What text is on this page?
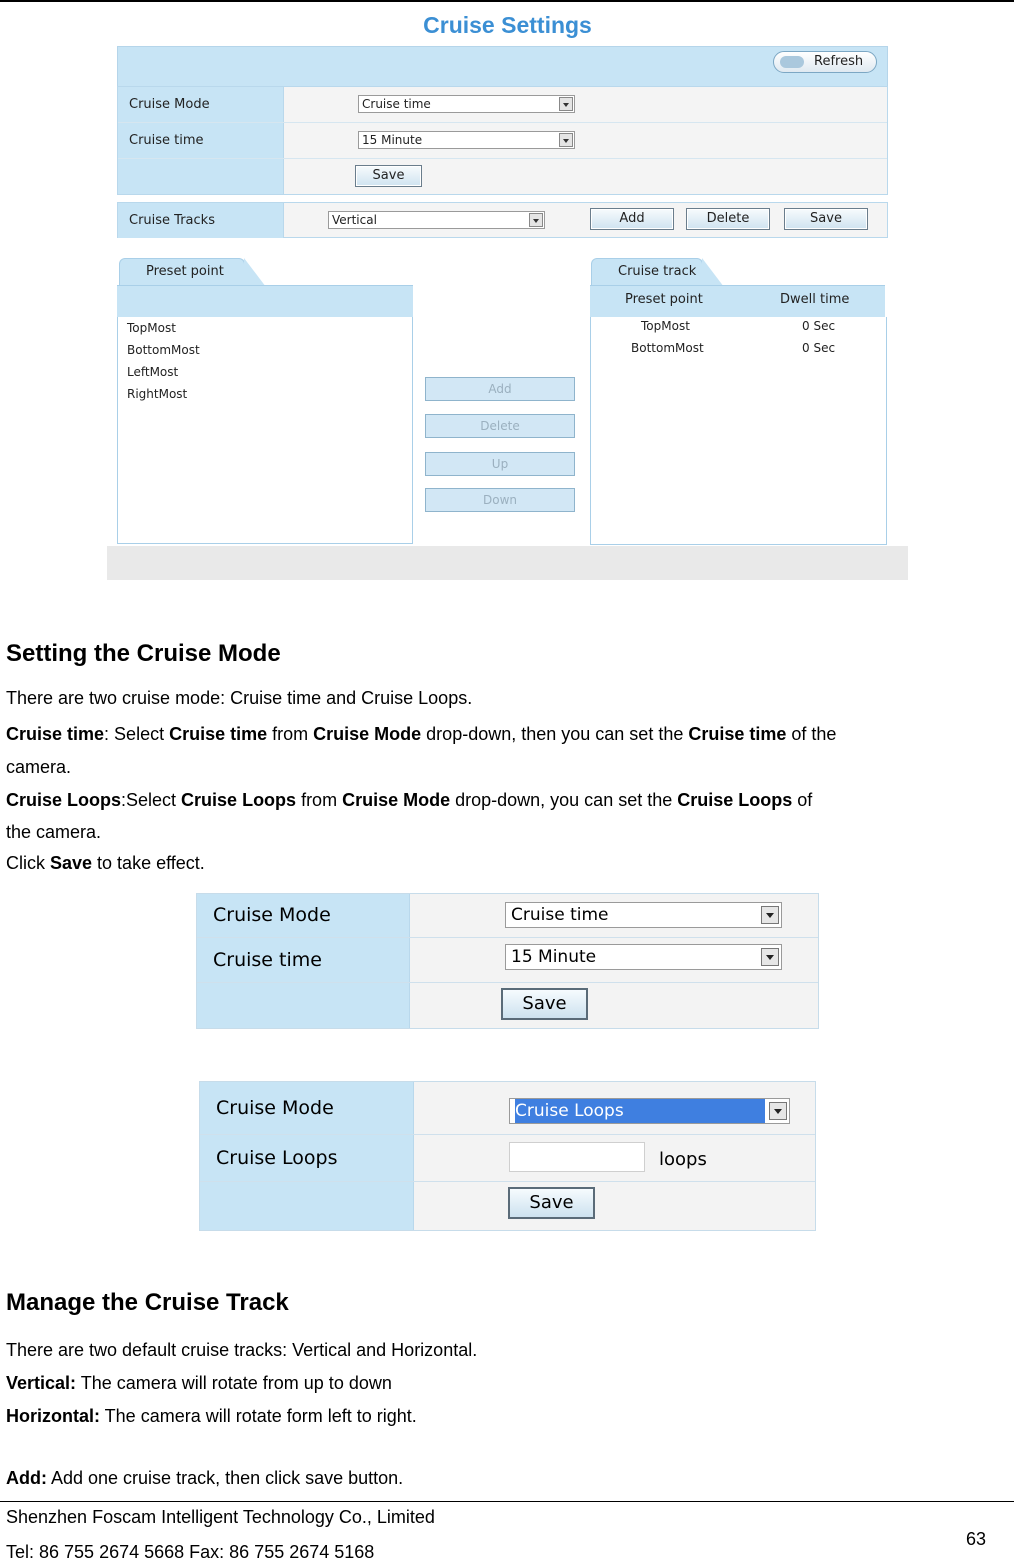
Cruise Settings
Refresh
Cruise Mode	Cruise time
Cruise time	15 Minute
Save
Cruise Tracks	Vertical	Add	Delete	Save
Preset point
TopMost
BottomMost
LeftMost
RightMost	Add
Delete
Up
Down
Cruise track
Preset point	Dwell time
TopMost	0 Sec
BottomMost	0 Sec
Setting the Cruise Mode
There are two cruise mode: Cruise time and Cruise Loops.
Cruise time: Select Cruise time from Cruise Mode drop-down, then you can set the Cruise time of the
camera.
Cruise Loops:Select Cruise Loops from Cruise Mode drop-down, you can set the Cruise Loops of
the camera.
Click Save to take effect.
Cruise Mode	Cruise time
Cruise time	15 Minute
Save
Cruise Mode	Cruise Loops
Cruise Loops	loops
Save
Manage the Cruise Track
There are two default cruise tracks: Vertical and Horizontal.
Vertical: The camera will rotate from up to down
Horizontal: The camera will rotate form left to right.
Add: Add one cruise track, then click save button.
Shenzhen Foscam Intelligent Technology Co., Limited
Tel: 86 755 2674 5668 Fax: 86 755 2674 5168
63
